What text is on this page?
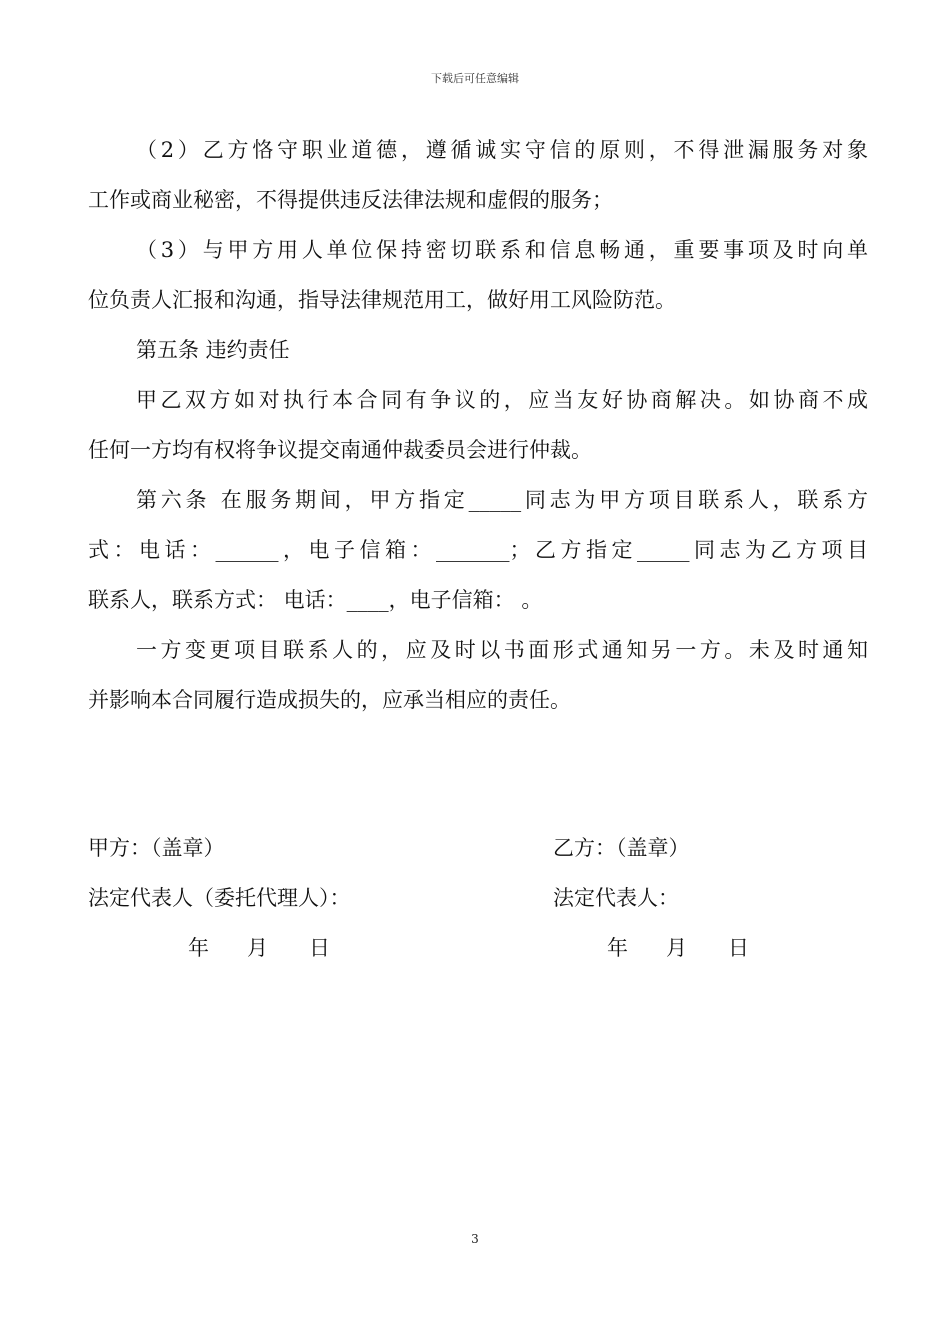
下载后可任意编辑
（2）乙方恪守职业道德，遵循诚实守信的原则，不得泄漏服务对象
工作或商业秘密，不得提供违反法律法规和虚假的服务；
（3）与甲方用人单位保持密切联系和信息畅通，重要事项及时向单
位负责人汇报和沟通，指导法律规范用工，做好用工风险防范。
第五条 违约责任
甲乙双方如对执行本合同有争议的，应当友好协商解决。如协商不成
任何一方均有权将争议提交南通仲裁委员会进行仲裁。
第六条 在服务期间，甲方指定_____同志为甲方项目联系人，联系方
式：电话：______，电子信箱：_______；乙方指定_____同志为乙方项目
联系人，联系方式： 电话：____，电子信箱： 。
一方变更项目联系人的，应及时以书面形式通知另一方。未及时通知
并影响本合同履行造成损失的，应承当相应的责任。
甲方：（盖章）	乙方：（盖章）
法定代表人（委托代理人）：	法定代表人：
年 月 日	年 月 日
3
